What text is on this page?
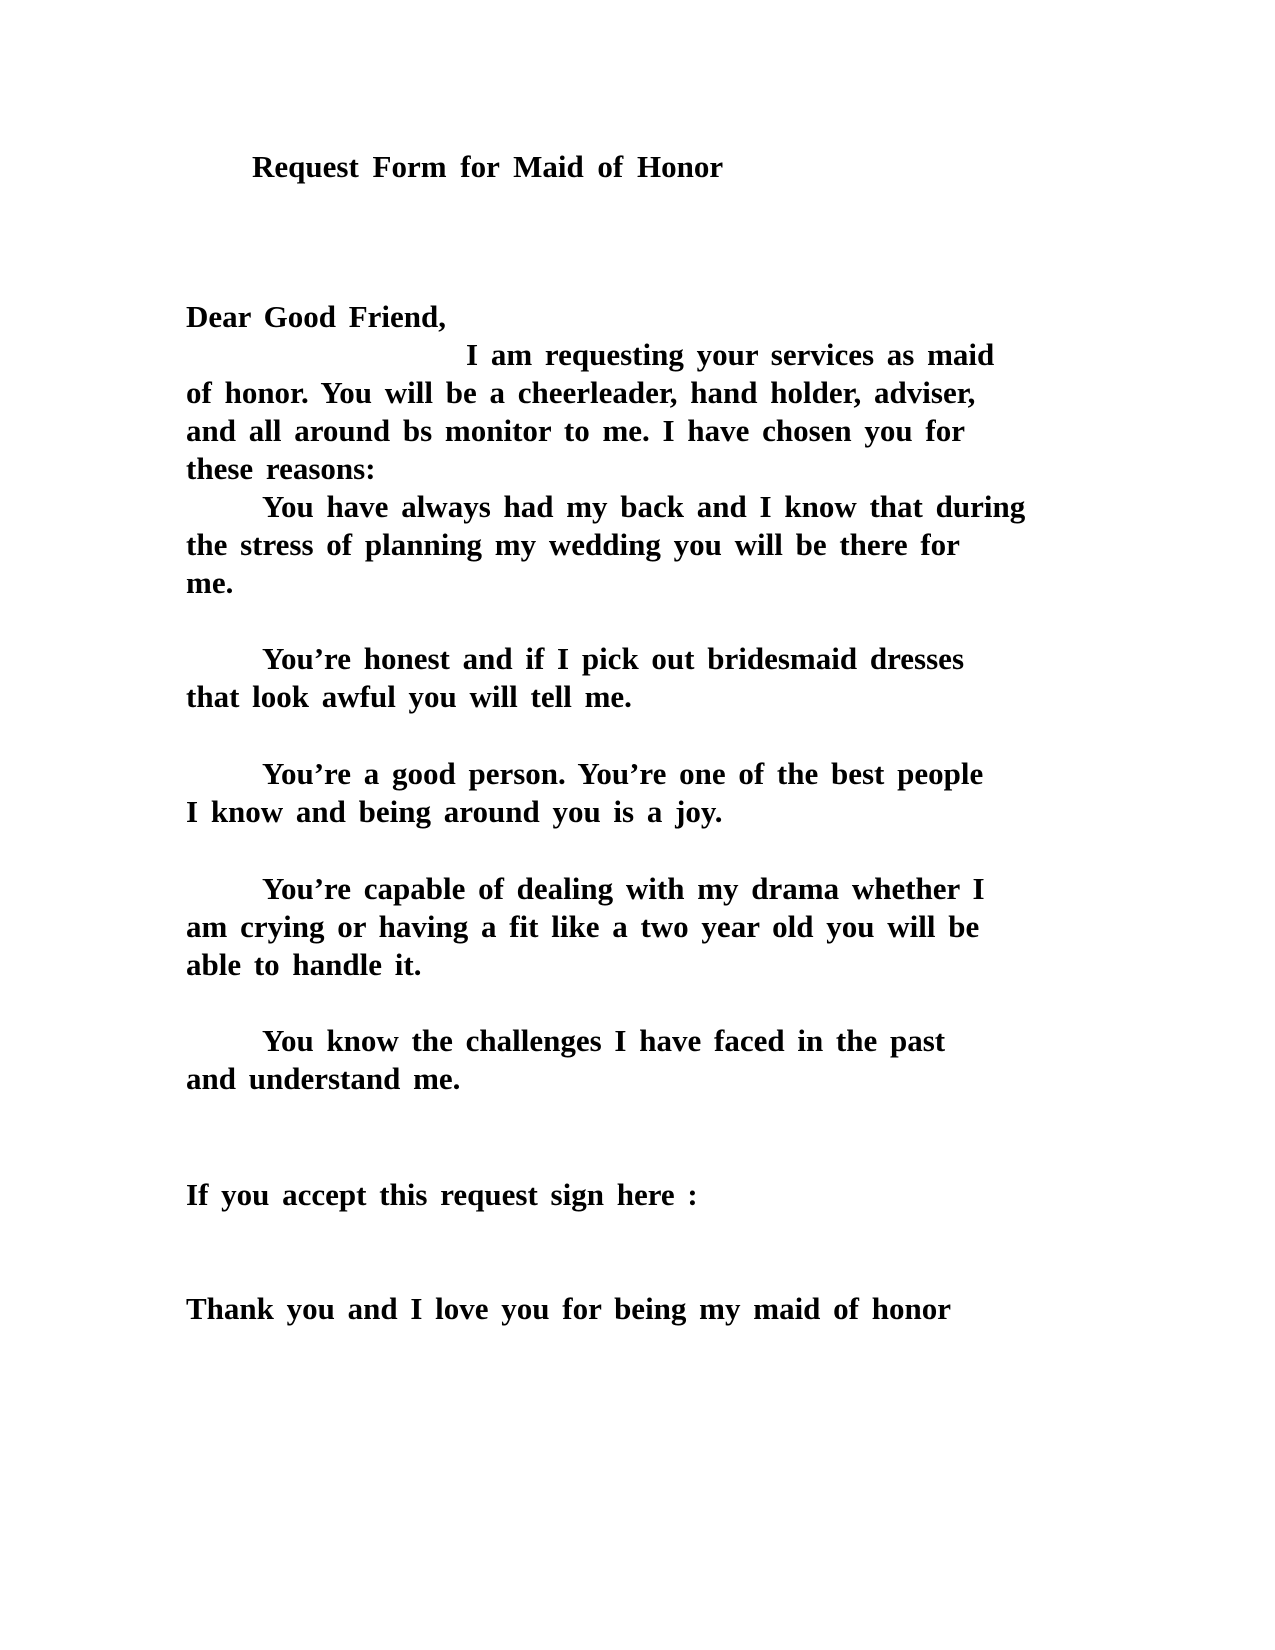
Request Form for Maid of Honor
Dear Good Friend,
I am requesting your services as maid
of honor. You will be a cheerleader, hand holder, adviser,
and all around bs monitor to me. I have chosen you for
these reasons:
You have always had my back and I know that during
the stress of planning my wedding you will be there for
me.
You’re honest and if I pick out bridesmaid dresses
that look awful you will tell me.
You’re a good person. You’re one of the best people
I know and being around you is a joy.
You’re capable of dealing with my drama whether I
am crying or having a fit like a two year old you will be
able to handle it.
You know the challenges I have faced in the past
and understand me.
If you accept this request sign here :
Thank you and I love you for being my maid of honor
